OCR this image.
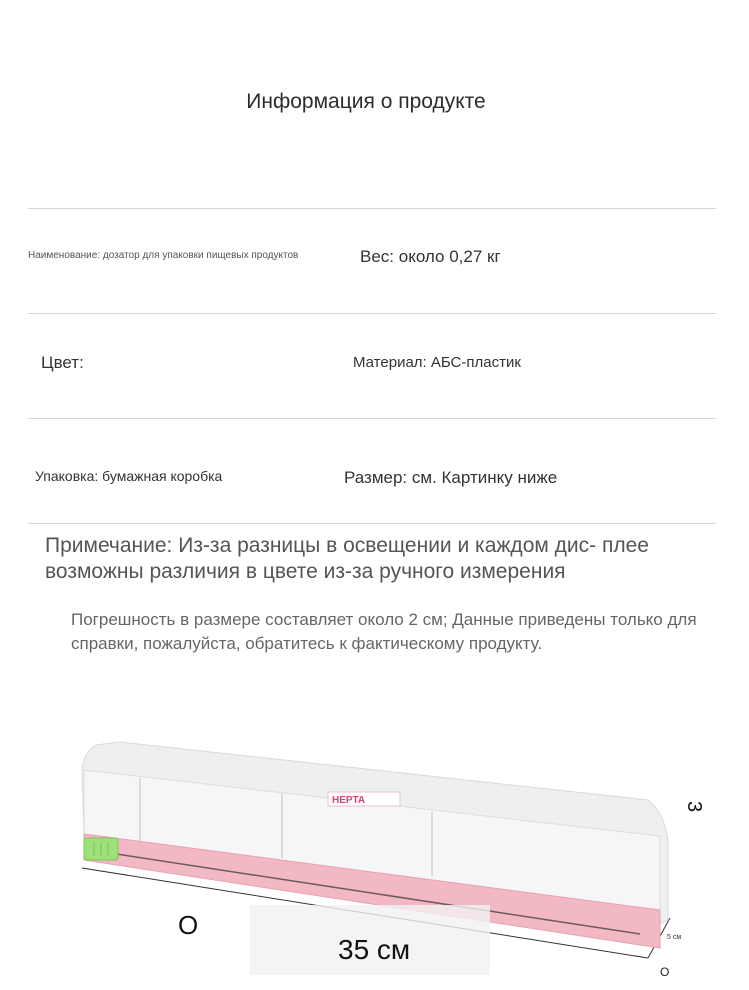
Информация о продукте
Наименование: дозатор для упаковки пищевых продуктов	Вес: около 0,27 кг
Цвет:	Материал: АБС-пластик
Упаковка: бумажная коробка	Размер: см. Картинку ниже
Примечание: Из-за разницы в освещении и каждом дис- плее возможны различия в цвете из-за ручного измерения
Погрешность в размере составляет около 2 см; Данные приведены только для справки, пожалуйста, обратитесь к фактическому продукту.
HEPTA
35 см
O
O
3
5 см
